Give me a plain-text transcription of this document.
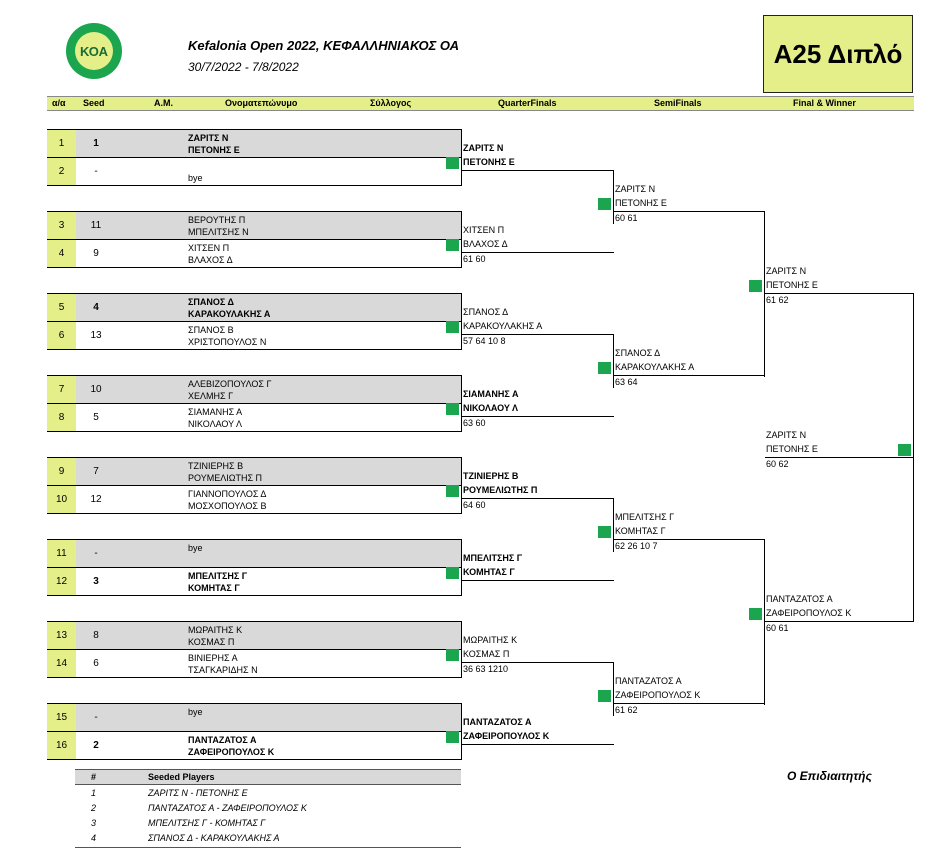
ΚΟΑ	Kefalonia Open 2022, ΚΕΦΑΛΛΗΝΙΑΚΟΣ ΟΑ
30/7/2022 - 7/8/2022	Α25 Διπλό
α/α Seed	Α.Μ.	Ονοματεπώνυμο	Σύλλογος	QuarterFinals	SemiFinals	Final & Winner
#	Seeded Players
1	ΖΑΡΙΤΣ Ν - ΠΕΤΟΝΗΣ Ε
2	ΠΑΝΤΑΖΑΤΟΣ Α - ΖΑΦΕΙΡΟΠΟΥΛΟΣ Κ
3	ΜΠΕΛΙΤΣΗΣ Γ - ΚΟΜΗΤΑΣ Γ
4	ΣΠΑΝΟΣ Δ - ΚΑΡΑΚΟΥΛΑΚΗΣ Α
Ο Επιδιαιτητής
1	1	ΖΑΡΙΤΣ Ν
ΠΕΤΟΝΗΣ Ε
2	-
bye
3	11	ΒΕΡΟΥΤΗΣ Π
ΜΠΕΛΙΤΣΗΣ Ν
4	9	ΧΙΤΣΕΝ Π
ΒΛΑΧΟΣ Δ
5	4	ΣΠΑΝΟΣ Δ
ΚΑΡΑΚΟΥΛΑΚΗΣ Α
6	13	ΣΠΑΝΟΣ Β
ΧΡΙΣΤΟΠΟΥΛΟΣ Ν
7	10	ΑΛΕΒΙΖΟΠΟΥΛΟΣ Γ
ΧΕΛΜΗΣ Γ
8	5	ΣΙΑΜΑΝΗΣ Α
ΝΙΚΟΛΑΟΥ Λ
9	7	ΤΖΙΝΙΕΡΗΣ Β
ΡΟΥΜΕΛΙΩΤΗΣ Π
10	12	ΓΙΑΝΝΟΠΟΥΛΟΣ Δ
ΜΟΣΧΟΠΟΥΛΟΣ Β
11	-	bye
12	3	ΜΠΕΛΙΤΣΗΣ Γ
ΚΟΜΗΤΑΣ Γ
13	8	ΜΩΡΑΙΤΗΣ Κ
ΚΟΣΜΑΣ Π
14	6	ΒΙΝΙΕΡΗΣ Α
ΤΣΑΓΚΑΡΙΔΗΣ Ν
15	-	bye
16	2	ΠΑΝΤΑΖΑΤΟΣ Α
ΖΑΦΕΙΡΟΠΟΥΛΟΣ Κ
ΖΑΡΙΤΣ Ν
ΠΕΤΟΝΗΣ Ε
ΧΙΤΣΕΝ Π
ΒΛΑΧΟΣ Δ
61 60
ΣΠΑΝΟΣ Δ
ΚΑΡΑΚΟΥΛΑΚΗΣ Α
57 64 10 8
ΣΙΑΜΑΝΗΣ Α
ΝΙΚΟΛΑΟΥ Λ
63 60
ΤΖΙΝΙΕΡΗΣ Β
ΡΟΥΜΕΛΙΩΤΗΣ Π
64 60
ΜΠΕΛΙΤΣΗΣ Γ
ΚΟΜΗΤΑΣ Γ
ΜΩΡΑΙΤΗΣ Κ
ΚΟΣΜΑΣ Π
36 63 1210
ΠΑΝΤΑΖΑΤΟΣ Α
ΖΑΦΕΙΡΟΠΟΥΛΟΣ Κ
ΖΑΡΙΤΣ Ν
ΠΕΤΟΝΗΣ Ε
60 61
ΣΠΑΝΟΣ Δ
ΚΑΡΑΚΟΥΛΑΚΗΣ Α
63 64
ΜΠΕΛΙΤΣΗΣ Γ
ΚΟΜΗΤΑΣ Γ
62 26 10 7
ΠΑΝΤΑΖΑΤΟΣ Α
ΖΑΦΕΙΡΟΠΟΥΛΟΣ Κ
61 62
ΖΑΡΙΤΣ Ν
ΠΕΤΟΝΗΣ Ε
61 62
ΠΑΝΤΑΖΑΤΟΣ Α
ΖΑΦΕΙΡΟΠΟΥΛΟΣ Κ
60 61
ΖΑΡΙΤΣ Ν
ΠΕΤΟΝΗΣ Ε
60 62
